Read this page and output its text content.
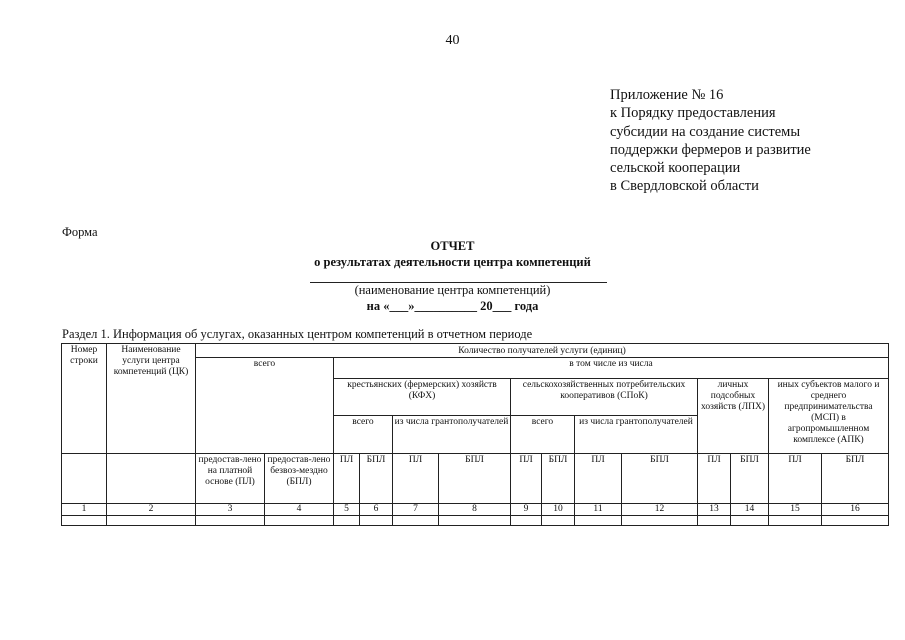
40
Приложение № 16
к Порядку предоставления
субсидии на создание системы
поддержки фермеров и развитие
сельской кооперации
в Свердловской области
Форма
ОТЧЕТ
о результатах деятельности центра компетенций
(наименование центра компетенций)
на «___»__________ 20___ года
Раздел 1. Информация об услугах, оказанных центром компетенций в отчетном периоде

Номер строки	Наименование услуги центра компетенций (ЦК)	Количество получателей услуги (единиц)													
		всего		в том числе из числа											
				крестьянских (фермерских) хозяйств (КФХ)				сельскохозяйственных потребительских кооперативов (СПоК)				личных подсобных хозяйств (ЛПХ)		иных субъектов малого и среднего предпринимательства (МСП) в агропромышленном комплексе (АПК)	
				всего		из числа грантополучателей		всего		из числа грантополучателей					
		предостав-лено на платной основе (ПЛ)	предостав-лено безвоз-мездно (БПЛ)	ПЛ	БПЛ	ПЛ	БПЛ	ПЛ	БПЛ	ПЛ	БПЛ	ПЛ	БПЛ	ПЛ	БПЛ
1	2	3	4	5	6	7	8	9	10	11	12	13	14	15	16
